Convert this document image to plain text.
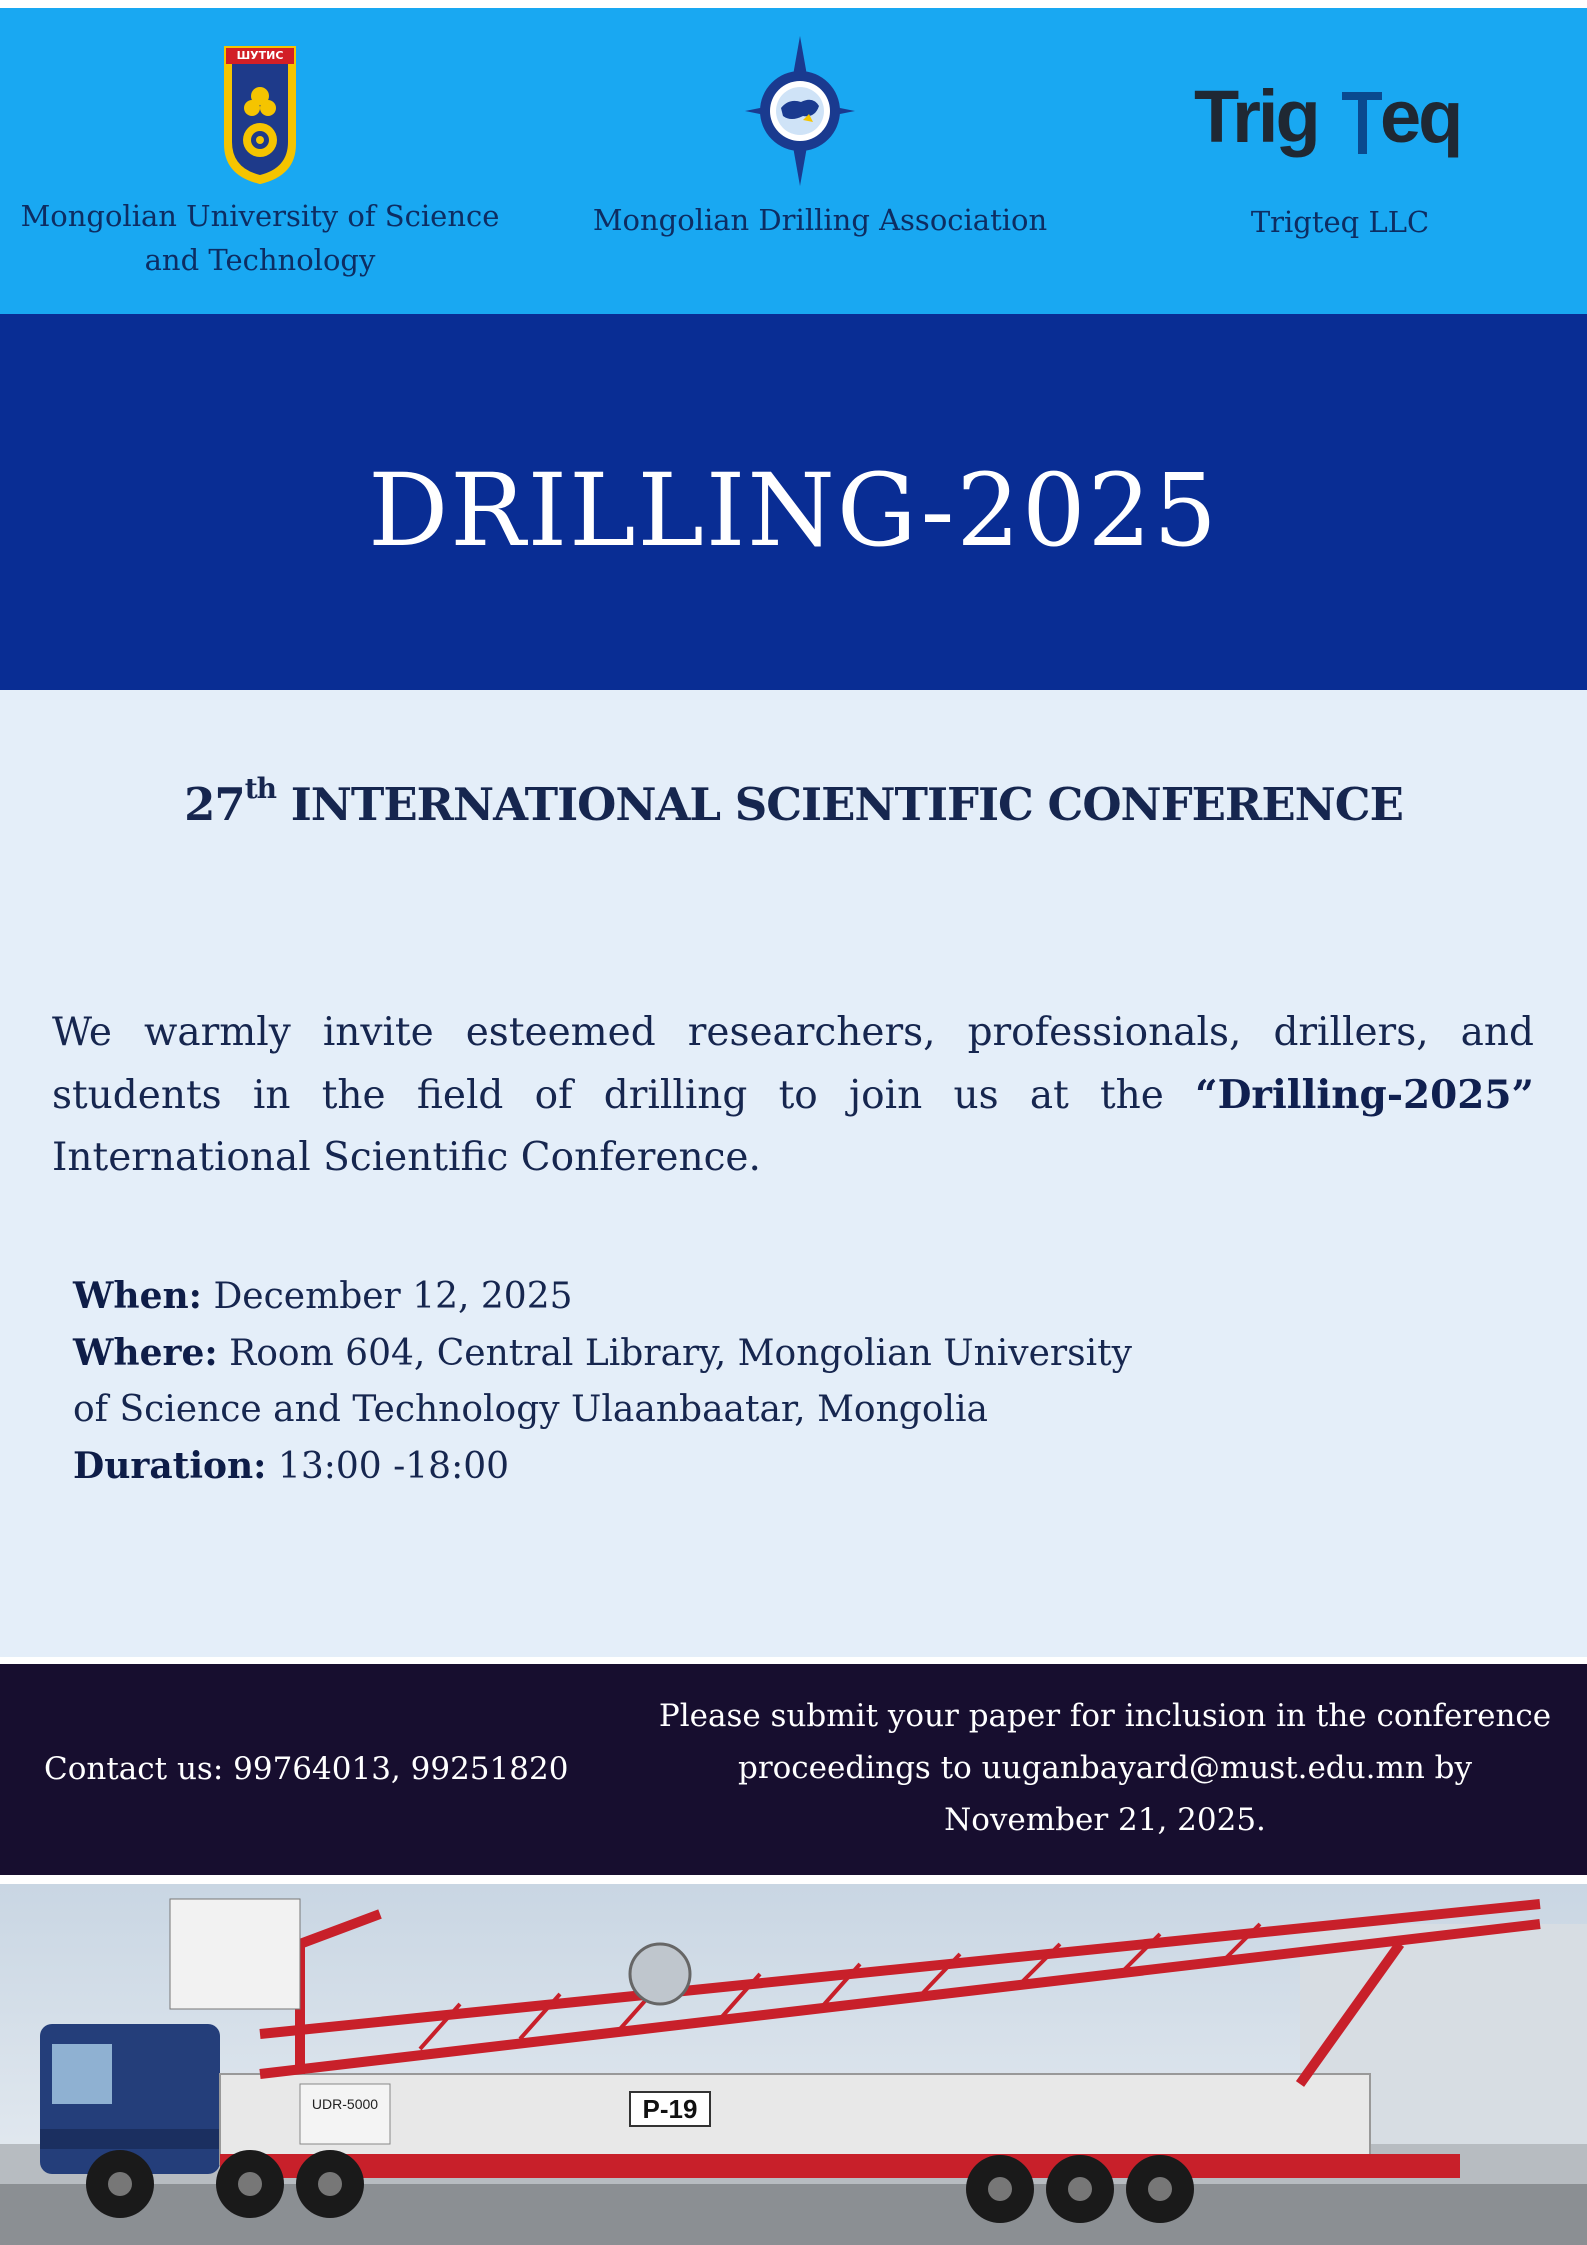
ШУТИС
Mongolian University of Science
and Technology
Mongolian Drilling Association
Trig eq
Trigteq LLC
DRILLING-2025
27th INTERNATIONAL SCIENTIFIC CONFERENCE
We warmly invite esteemed researchers, professionals, drillers, and students in the field of drilling to join us at the “Drilling-2025” International Scientific Conference.
When: December 12, 2025
Where: Room 604, Central Library, Mongolian University
of Science and Technology Ulaanbaatar, Mongolia
Duration: 13:00 -18:00
Contact us: 99764013, 99251820
Please submit your paper for inclusion in the conference
proceedings to uuganbayard@must.edu.mn by
November 21, 2025.
UDR-5000	Р-19
